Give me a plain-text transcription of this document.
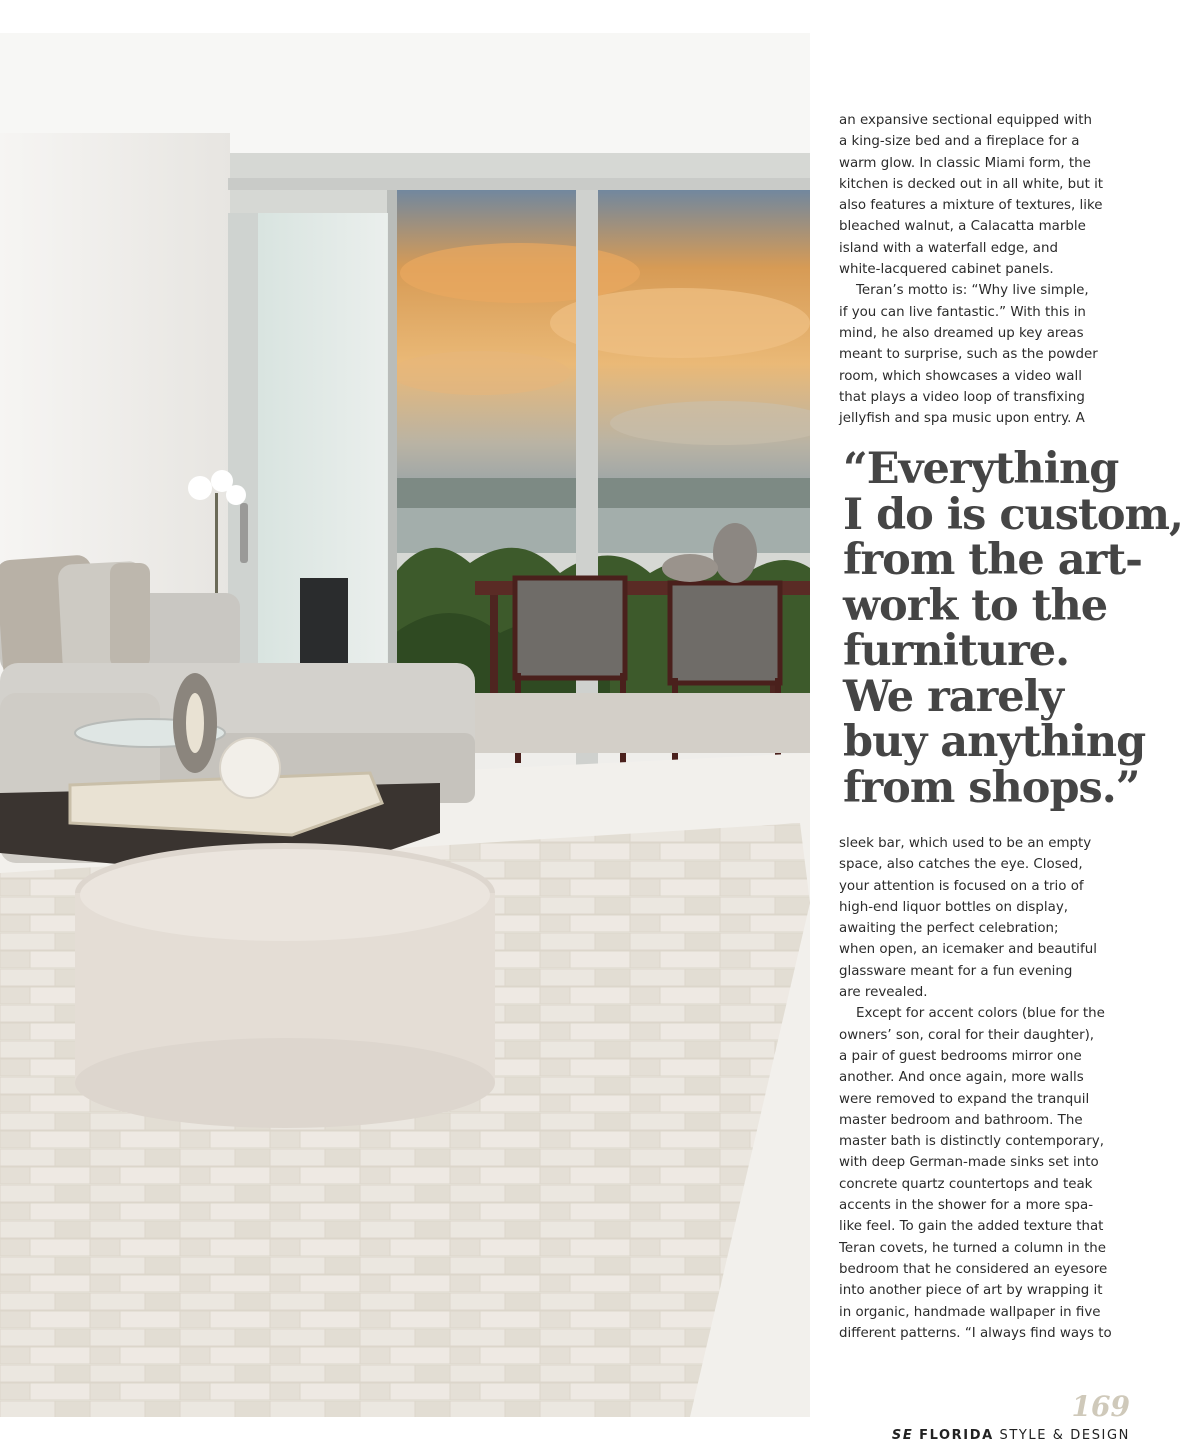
an expansive sectional equipped with
a king-size bed and a fireplace for a
warm glow. In classic Miami form, the
kitchen is decked out in all white, but it
also features a mixture of textures, like
bleached walnut, a Calacatta marble
island with a waterfall edge, and
white-lacquered cabinet panels.
Teran’s motto is: “Why live simple,
if you can live fantastic.” With this in
mind, he also dreamed up key areas
meant to surprise, such as the powder
room, which showcases a video wall
that plays a video loop of transfixing
jellyfish and spa music upon entry. A
“Everything
I do is custom,
from the art-
work to the
furniture.
We rarely
buy anything
from shops.”
sleek bar, which used to be an empty
space, also catches the eye. Closed,
your attention is focused on a trio of
high-end liquor bottles on display,
awaiting the perfect celebration;
when open, an icemaker and beautiful
glassware meant for a fun evening
are revealed.
Except for accent colors (blue for the
owners’ son, coral for their daughter),
a pair of guest bedrooms mirror one
another. And once again, more walls
were removed to expand the tranquil
master bedroom and bathroom. The
master bath is distinctly contemporary,
with deep German-made sinks set into
concrete quartz countertops and teak
accents in the shower for a more spa-
like feel. To gain the added texture that
Teran covets, he turned a column in the
bedroom that he considered an eyesore
into another piece of art by wrapping it
in organic, handmade wallpaper in five
different patterns. “I always find ways to
169
SE FLORIDA STYLE & DESIGN
